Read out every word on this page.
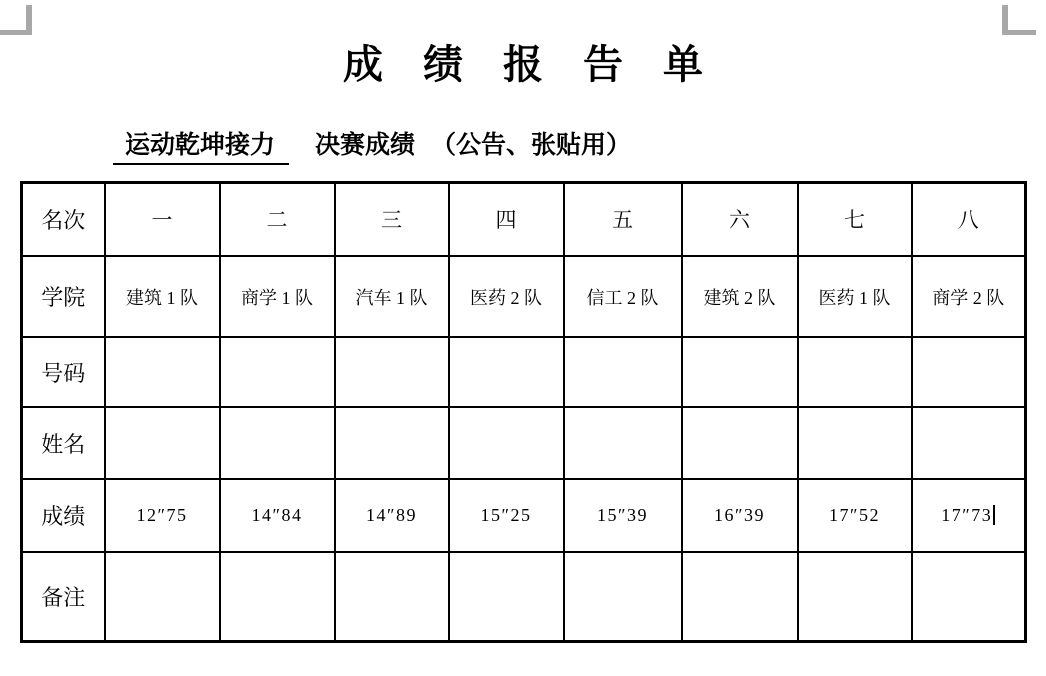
成　绩　报　告　单
运动乾坤接力 决赛成绩 （公告、张贴用）
名次	一	二	三	四	五	六	七	八
学院	建筑 1 队	商学 1 队	汽车 1 队	医药 2 队	信工 2 队	建筑 2 队	医药 1 队	商学 2 队
号码								
姓名								
成绩	12″75	14″84	14″89	15″25	15″39	16″39	17″52	17″73
备注								
